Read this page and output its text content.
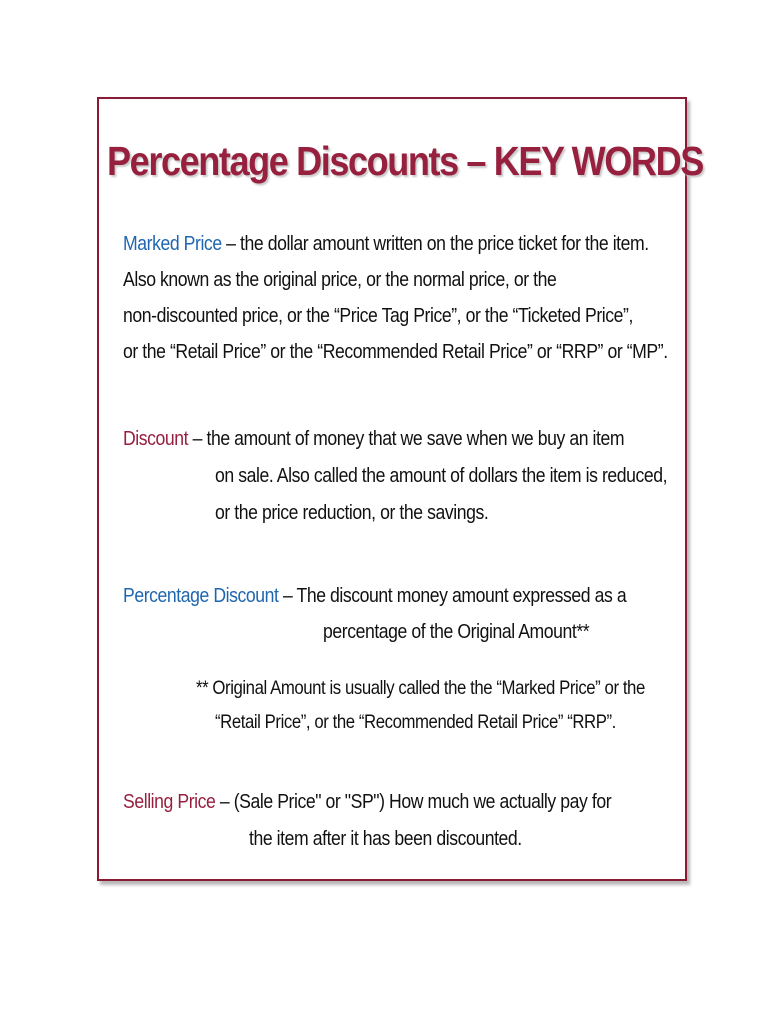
Percentage Discounts – KEY WORDS

Marked Price – the dollar amount written on the price ticket for the item.

Also known as the original price, or the normal price, or the

non-discounted price, or the “Price Tag Price”, or the “Ticketed Price”,

or the “Retail Price” or the “Recommended Retail Price” or “RRP” or “MP”.

Discount – the amount of money that we save when we buy an item

on sale. Also called the amount of dollars the item is reduced,

or the price reduction, or the savings.

Percentage Discount – The discount money amount expressed as a

percentage of the Original Amount**

** Original Amount is usually called the the “Marked Price” or the

“Retail Price”, or the “Recommended Retail Price” “RRP”.

Selling Price – (Sale Price" or "SP") How much we actually pay for

the item after it has been discounted.
